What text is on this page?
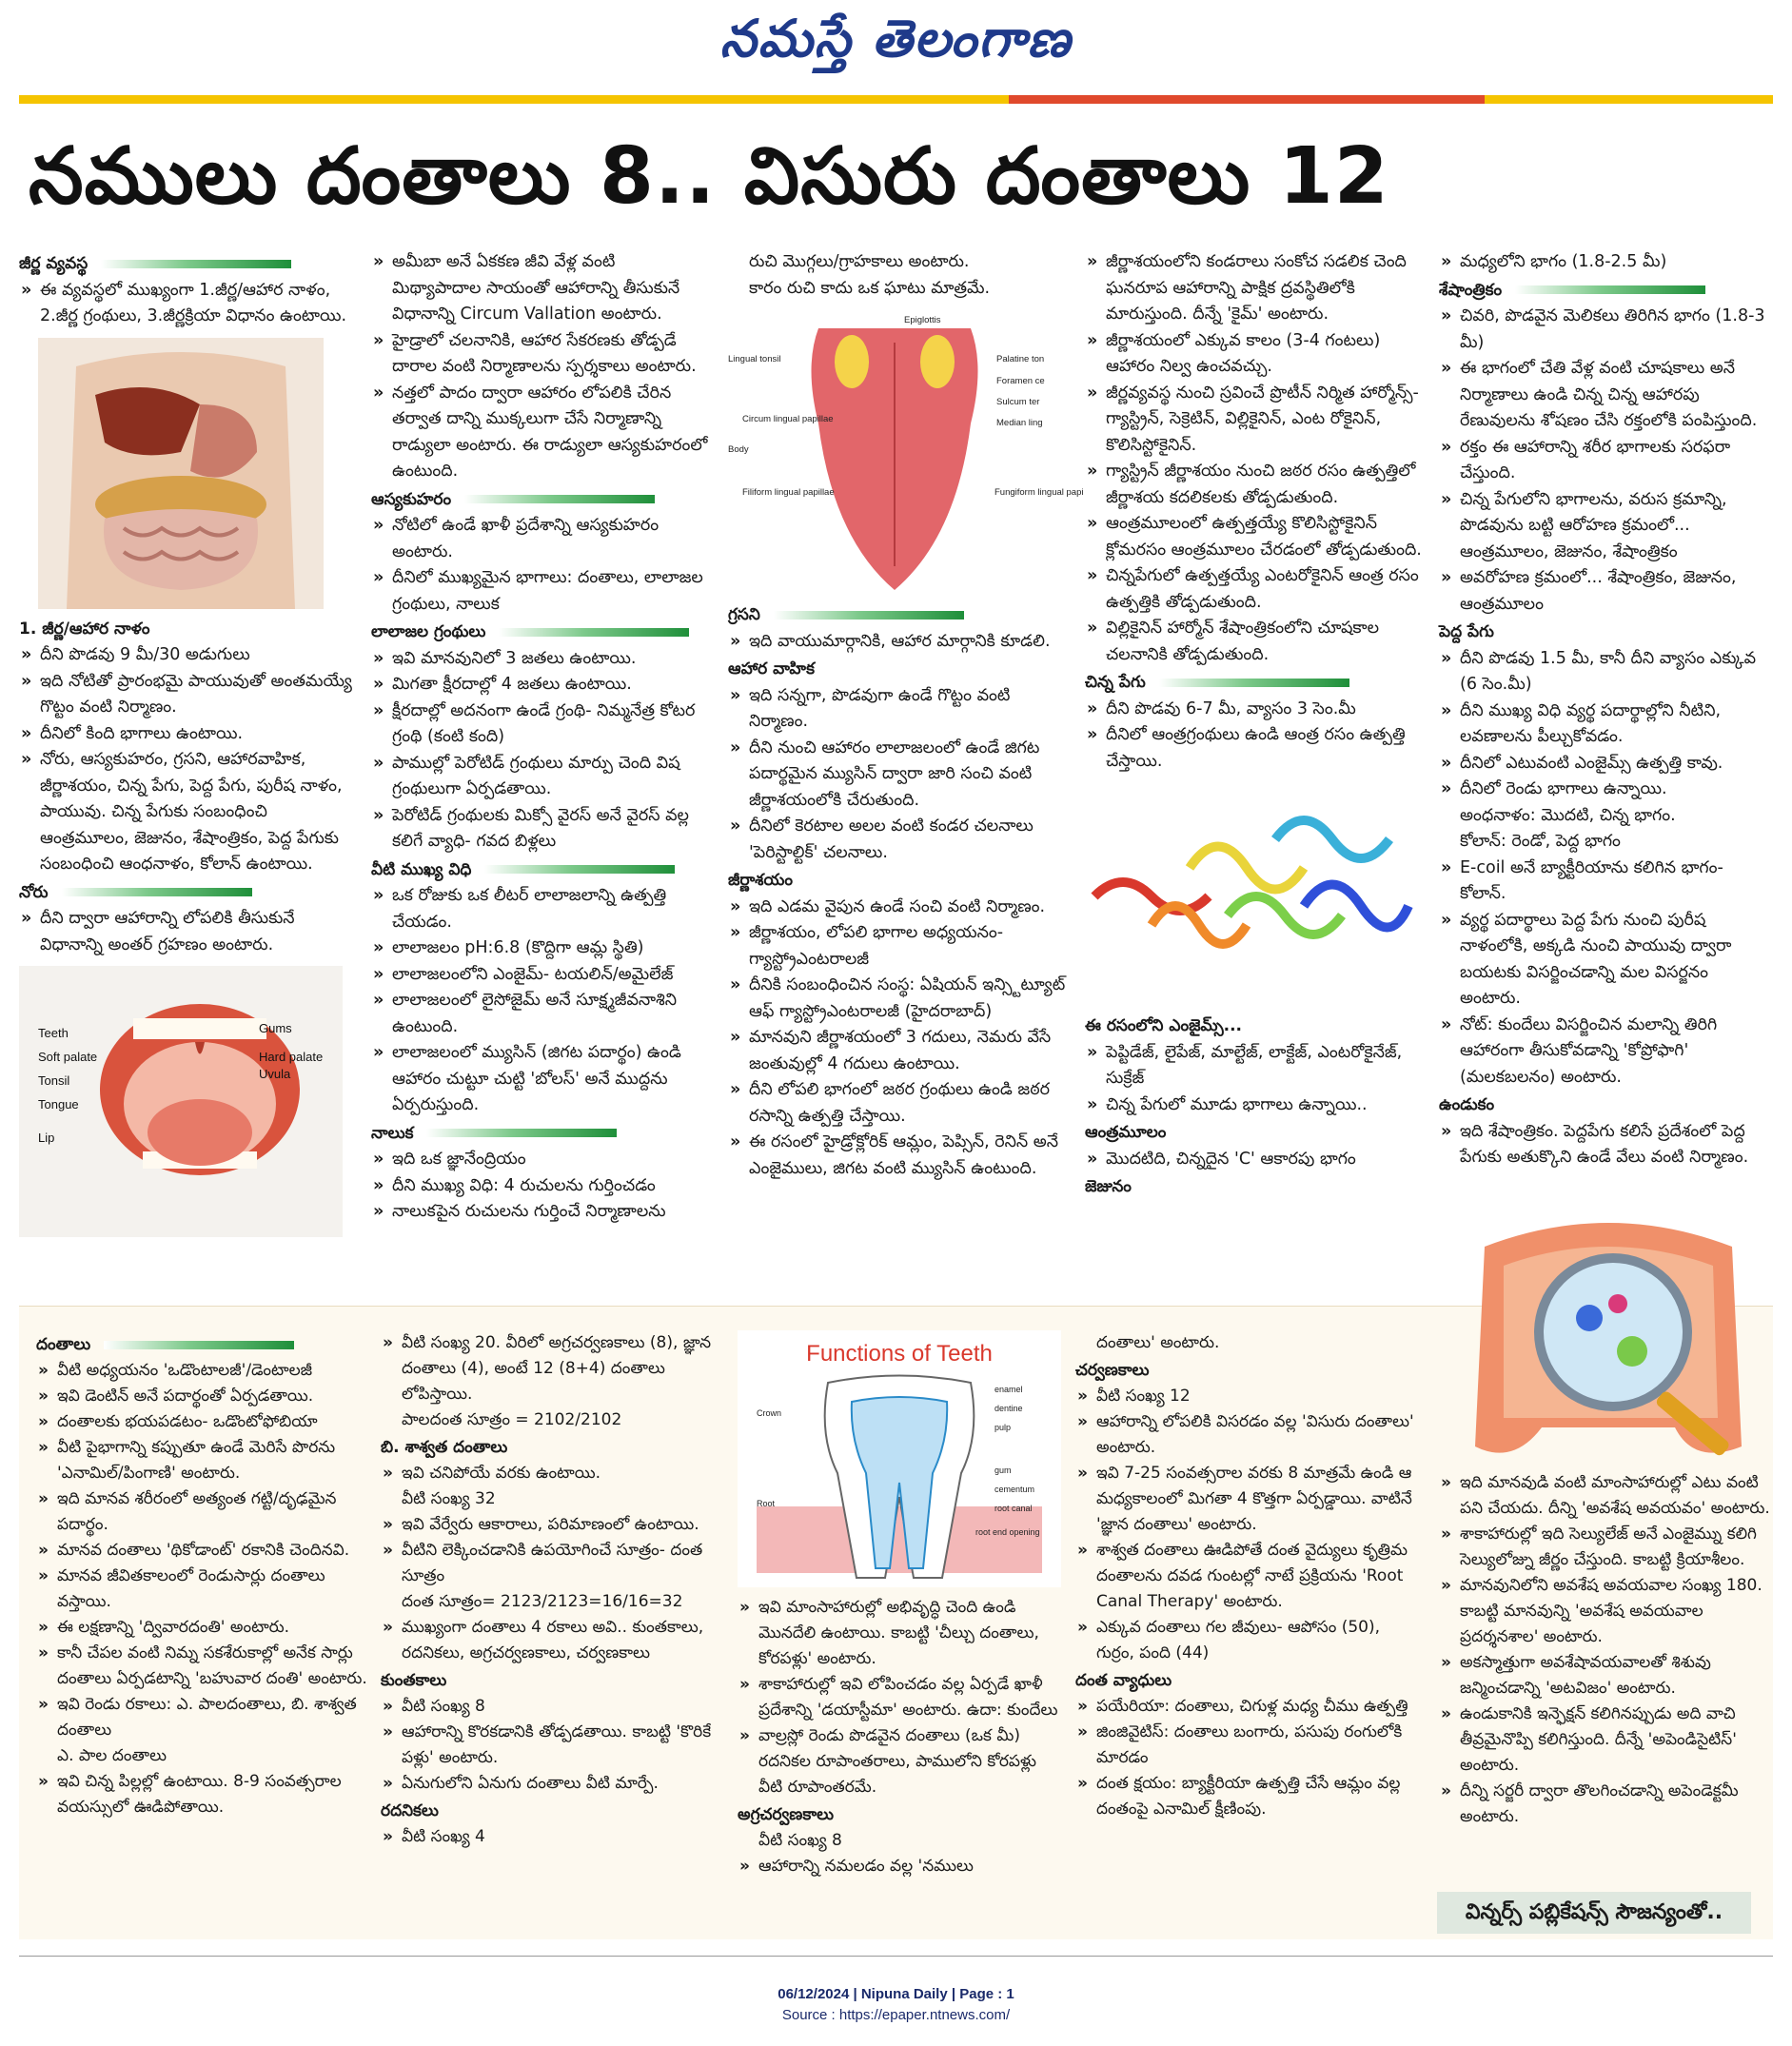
నమస్తే తెలంగాణ
నములు దంతాలు 8.. విసురు దంతాలు 12
జీర్ణ వ్యవస్థ
» ఈ వ్యవస్థలో ముఖ్యంగా 1.జీర్ణ/ఆహార నాళం, 2.జీర్ణ గ్రంథులు, 3.జీర్ణక్రియా విధానం ఉంటాయి.
1. జీర్ణ/ఆహార నాళం
» దీని పొడవు 9 మీ/30 అడుగులు
» ఇది నోటితో ప్రారంభమై పాయువుతో అంతమయ్యే గొట్టం వంటి నిర్మాణం.
» దీనిలో కింది భాగాలు ఉంటాయి.
» నోరు, ఆస్యకుహరం, గ్రసని, ఆహారవాహిక, జీర్ణాశయం, చిన్న పేగు, పెద్ద పేగు, పురీష నాళం, పాయువు. చిన్న పేగుకు సంబంధించి ఆంత్రమూలం, జెజునం, శేషాంత్రికం, పెద్ద పేగుకు సంబంధించి ఆంధనాళం, కోలాన్ ఉంటాయి.
నోరు
» దీని ద్వారా ఆహారాన్ని లోపలికి తీసుకునే విధానాన్ని అంతర్ గ్రహణం అంటారు.
Teeth
Soft palate
Tonsil
Tongue
Lip
Gums
Hard palate
Uvula
» అమీబా అనే ఏకకణ జీవి వేళ్ల వంటి మిథ్యాపాదాల సాయంతో ఆహారాన్ని తీసుకునే విధానాన్ని Circum Vallation అంటారు.
» హైడ్రాలో చలనానికి, ఆహార సేకరణకు తోడ్పడే దారాల వంటి నిర్మాణాలను స్పర్శకాలు అంటారు.
» నత్తలో పాదం ద్వారా ఆహారం లోపలికి చేరిన తర్వాత దాన్ని ముక్కలుగా చేసే నిర్మాణాన్ని రాడ్యులా అంటారు. ఈ రాడ్యులా ఆస్యకుహరంలో ఉంటుంది.
ఆస్యకుహరం
» నోటిలో ఉండే ఖాళీ ప్రదేశాన్ని ఆస్యకుహరం అంటారు.
» దీనిలో ముఖ్యమైన భాగాలు: దంతాలు, లాలాజల గ్రంథులు, నాలుక
లాలాజల గ్రంథులు
» ఇవి మానవునిలో 3 జతలు ఉంటాయి.
» మిగతా క్షీరదాల్లో 4 జతలు ఉంటాయి.
» క్షీరదాల్లో అదనంగా ఉండే గ్రంథి- నిమ్మనేత్ర కోటర గ్రంథి (కంటి కంది)
» పాముల్లో పెరోటిడ్ గ్రంథులు మార్పు చెంది విష గ్రంథులుగా ఏర్పడతాయి.
» పెరోటిడ్ గ్రంథులకు మిక్సో వైరస్ అనే వైరస్ వల్ల కలిగే వ్యాధి- గవద బిళ్లలు
వీటి ముఖ్య విధి
» ఒక రోజుకు ఒక లీటర్ లాలాజలాన్ని ఉత్పత్తి చేయడం.
» లాలాజలం pH:6.8 (కొద్దిగా ఆమ్ల స్థితి)
» లాలాజలంలోని ఎంజైమ్- టయలిన్/అమైలేజ్
» లాలాజలంలో లైసోజైమ్ అనే సూక్ష్మజీవనాశిని ఉంటుంది.
» లాలాజలంలో మ్యుసిన్ (జిగట పదార్థం) ఉండి ఆహారం చుట్టూ చుట్టి 'బోలస్' అనే ముద్దను ఏర్పరుస్తుంది.
నాలుక
» ఇది ఒక జ్ఞానేంద్రియం
» దీని ముఖ్య విధి: 4 రుచులను గుర్తించడం
» నాలుకపైన రుచులను గుర్తించే నిర్మాణాలను
రుచి మొగ్గలు/గ్రాహకాలు అంటారు.
కారం రుచి కాదు ఒక ఘాటు మాత్రమే.
Epiglottis
Palatine ton
Foramen ce
Sulcum ter
Median ling
Fungiform lingual papi
Lingual tonsil
Circum lingual papillae
Body
Filiform lingual papillae
గ్రసని
» ఇది వాయుమార్గానికి, ఆహార మార్గానికి కూడలి.
ఆహార వాహిక
» ఇది సన్నగా, పొడవుగా ఉండే గొట్టం వంటి నిర్మాణం.
» దీని నుంచి ఆహారం లాలాజలంలో ఉండే జిగట పదార్థమైన మ్యుసిన్ ద్వారా జారి సంచి వంటి జీర్ణాశయంలోకి చేరుతుంది.
» దీనిలో కెరటాల అలల వంటి కండర చలనాలు 'పెరిస్టాల్టిక్' చలనాలు.
జీర్ణాశయం
» ఇది ఎడమ వైపున ఉండే సంచి వంటి నిర్మాణం.
» జీర్ణాశయం, లోపలి భాగాల అధ్యయనం- గ్యాస్ట్రోఎంటరాలజీ
» దీనికి సంబంధించిన సంస్థ: ఏషియన్ ఇన్స్టిట్యూట్ ఆఫ్ గ్యాస్ట్రోఎంటరాలజీ (హైదరాబాద్)
» మానవుని జీర్ణాశయంలో 3 గదులు, నెమరు వేసే జంతువుల్లో 4 గదులు ఉంటాయి.
» దీని లోపలి భాగంలో జఠర గ్రంథులు ఉండి జఠర రసాన్ని ఉత్పత్తి చేస్తాయి.
» ఈ రసంలో హైడ్రోక్లోరిక్ ఆమ్లం, పెప్సిన్, రెనిన్ అనే ఎంజైములు, జిగట వంటి మ్యుసిన్ ఉంటుంది.
» జీర్ణాశయంలోని కండరాలు సంకోచ సడలిక చెంది ఘనరూప ఆహారాన్ని పాక్షిక ద్రవస్థితిలోకి మారుస్తుంది. దీన్నే 'కైమ్' అంటారు.
» జీర్ణాశయంలో ఎక్కువ కాలం (3-4 గంటలు) ఆహారం నిల్వ ఉంచవచ్చు.
» జీర్ణవ్యవస్థ నుంచి స్రవించే ప్రొటీన్ నిర్మిత హార్మోన్స్- గ్యాస్ట్రిన్, సెక్రెటిన్, విల్లికైనిన్, ఎంట రోకైనిన్, కొలిసిస్టోకైనిన్.
» గ్యాస్ట్రిన్ జీర్ణాశయం నుంచి జఠర రసం ఉత్పత్తిలో జీర్ణాశయ కదలికలకు తోడ్పడుతుంది.
» ఆంత్రమూలంలో ఉత్పత్తయ్యే కొలిసిస్టోకైనిన్ క్లోమరసం ఆంత్రమూలం చేరడంలో తోడ్పడుతుంది.
» చిన్నపేగులో ఉత్పత్తయ్యే ఎంటరోకైనిన్ ఆంత్ర రసం ఉత్పత్తికి తోడ్పడుతుంది.
» విల్లికైనిన్ హార్మోన్ శేషాంత్రికంలోని చూషకాల చలనానికి తోడ్పడుతుంది.
చిన్న పేగు
» దీని పొడవు 6-7 మీ, వ్యాసం 3 సెం.మీ
» దీనిలో ఆంత్రగ్రంథులు ఉండి ఆంత్ర రసం ఉత్పత్తి చేస్తాయి.
ఈ రసంలోని ఎంజైమ్స్...
» పెప్టిడేజ్, లైపేజ్, మాల్టేజ్, లాక్టేజ్, ఎంటరోకైనేజ్, సుక్రేజ్
» చిన్న పేగులో మూడు భాగాలు ఉన్నాయి..
ఆంత్రమూలం
» మొదటిది, చిన్నదైన 'C' ఆకారపు భాగం
జెజునం
» మధ్యలోని భాగం (1.8-2.5 మీ)
శేషాంత్రికం
» చివరి, పొడవైన మెలికలు తిరిగిన భాగం (1.8-3 మీ)
» ఈ భాగంలో చేతి వేళ్ల వంటి చూషకాలు అనే నిర్మాణాలు ఉండి చిన్న చిన్న ఆహారపు రేణువులను శోషణం చేసి రక్తంలోకి పంపిస్తుంది.
» రక్తం ఈ ఆహారాన్ని శరీర భాగాలకు సరఫరా చేస్తుంది.
» చిన్న పేగులోని భాగాలను, వరుస క్రమాన్ని, పొడవును బట్టి ఆరోహణ క్రమంలో... ఆంత్రమూలం, జెజునం, శేషాంత్రికం
» అవరోహణ క్రమంలో... శేషాంత్రికం, జెజునం, ఆంత్రమూలం
పెద్ద పేగు
» దీని పొడవు 1.5 మీ, కానీ దీని వ్యాసం ఎక్కువ (6 సెం.మీ)
» దీని ముఖ్య విధి వ్యర్థ పదార్థాల్లోని నీటిని, లవణాలను పీల్చుకోవడం.
» దీనిలో ఎటువంటి ఎంజైమ్స్ ఉత్పత్తి కావు.
» దీనిలో రెండు భాగాలు ఉన్నాయి.
అంధనాళం: మొదటి, చిన్న భాగం.
కోలాన్: రెండో, పెద్ద భాగం
» E-coil అనే బ్యాక్టీరియాను కలిగిన భాగం- కోలాన్.
» వ్యర్థ పదార్థాలు పెద్ద పేగు నుంచి పురీష నాళంలోకి, అక్కడి నుంచి పాయువు ద్వారా బయటకు విసర్జించడాన్ని మల విసర్జనం అంటారు.
» నోట్: కుందేలు విసర్జించిన మలాన్ని తిరిగి ఆహారంగా తీసుకోవడాన్ని 'కోప్రోఫాగి' (మలకబలనం) అంటారు.
ఉండుకం
» ఇది శేషాంత్రికం. పెద్దపేగు కలిసే ప్రదేశంలో పెద్ద పేగుకు అతుక్కొని ఉండే వేలు వంటి నిర్మాణం.
దంతాలు
» వీటి అధ్యయనం 'ఒడొంటాలజీ'/డెంటాలజీ
» ఇవి డెంటిన్ అనే పదార్థంతో ఏర్పడతాయి.
» దంతాలకు భయపడటం- ఒడొంటోఫోబియా
» వీటి పైభాగాన్ని కప్పుతూ ఉండే మెరిసే పొరను 'ఎనామిల్/పింగాణి' అంటారు.
» ఇది మానవ శరీరంలో అత్యంత గట్టి/దృఢమైన పదార్థం.
» మానవ దంతాలు 'థికోడాంట్' రకానికి చెందినవి.
» మానవ జీవితకాలంలో రెండుసార్లు దంతాలు వస్తాయి.
» ఈ లక్షణాన్ని 'ద్వివారదంతి' అంటారు.
» కానీ చేపల వంటి నిమ్న సకశేరుకాల్లో అనేక సార్లు దంతాలు ఏర్పడటాన్ని 'బహువార దంతి' అంటారు.
» ఇవి రెండు రకాలు: ఎ. పాలదంతాలు, బి. శాశ్వత దంతాలు
ఎ. పాల దంతాలు
» ఇవి చిన్న పిల్లల్లో ఉంటాయి. 8-9 సంవత్సరాల వయస్సులో ఊడిపోతాయి.
» వీటి సంఖ్య 20. వీరిలో అగ్రచర్వణకాలు (8), జ్ఞాన దంతాలు (4), అంటే 12 (8+4) దంతాలు లోపిస్తాయి.
పాలదంత సూత్రం = 2102/2102
బి. శాశ్వత దంతాలు
» ఇవి చనిపోయే వరకు ఉంటాయి.
వీటి సంఖ్య 32
» ఇవి వేర్వేరు ఆకారాలు, పరిమాణంలో ఉంటాయి.
» వీటిని లెక్కించడానికి ఉపయోగించే సూత్రం- దంత సూత్రం
దంత సూత్రం= 2123/2123=16/16=32
» ముఖ్యంగా దంతాలు 4 రకాలు అవి.. కుంతకాలు, రదనికలు, అగ్రచర్వణకాలు, చర్వణకాలు
కుంతకాలు
» వీటి సంఖ్య 8
» ఆహారాన్ని కొరకడానికి తోడ్పడతాయి. కాబట్టి 'కొరికే పళ్లు' అంటారు.
» ఏనుగులోని ఏనుగు దంతాలు వీటి మార్పే.
రదనికలు
» వీటి సంఖ్య 4
Functions of Teeth
enamel
dentine
pulp
gum
cementum
root canal
root end opening
Crown
Root
» ఇవి మాంసాహారుల్లో అభివృద్ధి చెంది ఉండి మొనదేలి ఉంటాయి. కాబట్టి 'చీల్చు దంతాలు, కోరపళ్లు' అంటారు.
» శాకాహారుల్లో ఇవి లోపించడం వల్ల ఏర్పడే ఖాళీ ప్రదేశాన్ని 'డయాస్టీమా' అంటారు. ఉదా: కుందేలు
» వాల్రస్లో రెండు పొడవైన దంతాలు (ఒక మీ) రదనికల రూపాంతరాలు, పాములోని కోరపళ్లు వీటి రూపాంతరమే.
అగ్రచర్వణకాలు
వీటి సంఖ్య 8
» ఆహారాన్ని నమలడం వల్ల 'నములు
దంతాలు' అంటారు.
చర్వణకాలు
» వీటి సంఖ్య 12
» ఆహారాన్ని లోపలికి విసరడం వల్ల 'విసురు దంతాలు' అంటారు.
» ఇవి 7-25 సంవత్సరాల వరకు 8 మాత్రమే ఉండి ఆ మధ్యకాలంలో మిగతా 4 కొత్తగా ఏర్పడ్డాయి. వాటినే 'జ్ఞాన దంతాలు' అంటారు.
» శాశ్వత దంతాలు ఊడిపోతే దంత వైద్యులు కృత్రిమ దంతాలను దవడ గుంటల్లో నాటే ప్రక్రియను 'Root Canal Therapy' అంటారు.
» ఎక్కువ దంతాలు గల జీవులు- ఆపోసం (50), గుర్రం, పంది (44)
దంత వ్యాధులు
» పయేరియా: దంతాలు, చిగుళ్ల మధ్య చీము ఉత్పత్తి
» జింజివైటిస్: దంతాలు బంగారు, పసుపు రంగులోకి మారడం
» దంత క్షయం: బ్యాక్టీరియా ఉత్పత్తి చేసే ఆమ్లం వల్ల దంతంపై ఎనామిల్ క్షీణింపు.
» ఇది మానవుడి వంటి మాంసాహారుల్లో ఎటు వంటి పని చేయదు. దీన్ని 'అవశేష అవయవం' అంటారు.
» శాకాహారుల్లో ఇది సెల్యులేజ్ అనే ఎంజైమ్ను కలిగి సెల్యులోజ్ను జీర్ణం చేస్తుంది. కాబట్టి క్రియాశీలం.
» మానవునిలోని అవశేష అవయవాల సంఖ్య 180. కాబట్టి మానవున్ని 'అవశేష అవయవాల ప్రదర్శనశాల' అంటారు.
» అకస్మాత్తుగా అవశేషావయవాలతో శిశువు జన్మించడాన్ని 'అటవిజం' అంటారు.
» ఉండుకానికి ఇన్ఫెక్షన్ కలిగినప్పుడు అది వాచి తీవ్రమైనొప్పి కలిగిస్తుంది. దీన్నే 'అపెండిసైటిస్' అంటారు.
» దీన్ని సర్జరీ ద్వారా తొలగించడాన్ని అపెండెక్టమీ అంటారు.
విన్నర్స్ పబ్లికేషన్స్ సౌజన్యంతో..
06/12/2024 | Nipuna Daily | Page : 1
Source : https://epaper.ntnews.com/
